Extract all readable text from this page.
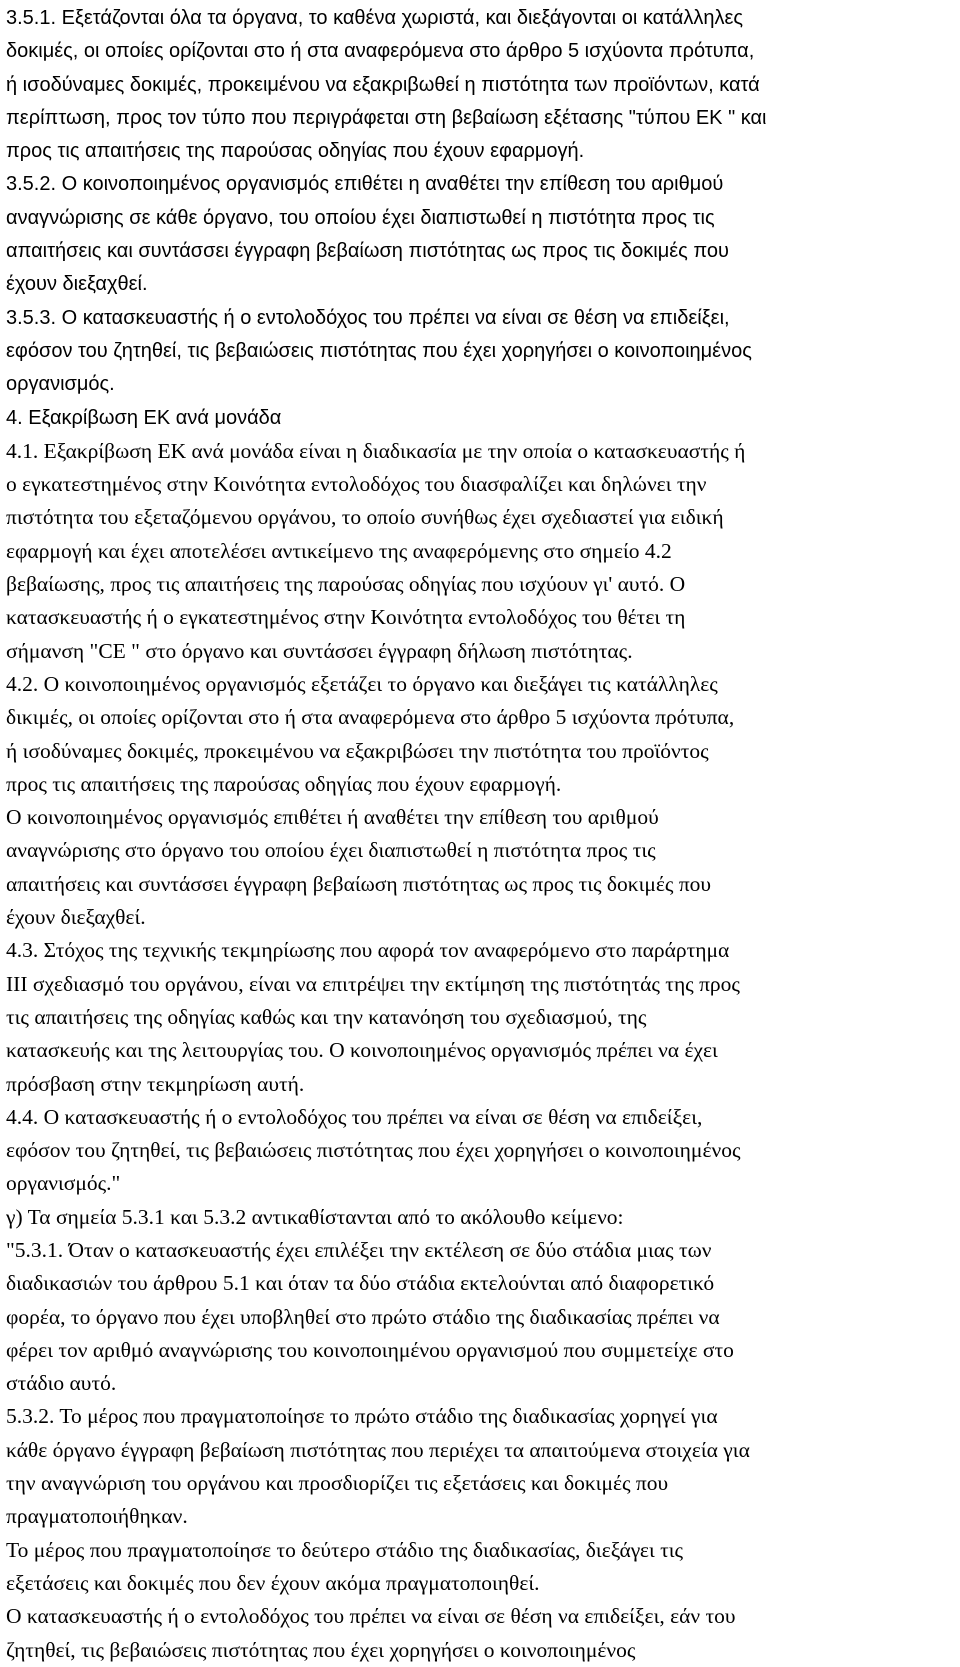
3.5.1. Εξετάζονται όλα τα όργανα, το καθένα χωριστά, και διεξάγονται οι κατάλληλες
δοκιμές, οι οποίες ορίζονται στο ή στα αναφερόμενα στο άρθρο 5 ισχύοντα πρότυπα,
ή ισοδύναμες δοκιμές, προκειμένου να εξακριβωθεί η πιστότητα των προϊόντων, κατά
περίπτωση, προς τον τύπο που περιγράφεται στη βεβαίωση εξέτασης "τύπου ΕΚ " και
προς τις απαιτήσεις της παρούσας οδηγίας που έχουν εφαρμογή.
3.5.2. Ο κοινοποιημένος οργανισμός επιθέτει η αναθέτει την επίθεση του αριθμού
αναγνώρισης σε κάθε όργανο, του οποίου έχει διαπιστωθεί η πιστότητα προς τις
απαιτήσεις και συντάσσει έγγραφη βεβαίωση πιστότητας ως προς τις δοκιμές που
έχουν διεξαχθεί.
3.5.3. Ο κατασκευαστής ή ο εντολοδόχος του πρέπει να είναι σε θέση να επιδείξει,
εφόσον του ζητηθεί, τις βεβαιώσεις πιστότητας που έχει χορηγήσει ο κοινοποιημένος
οργανισμός.
4. Εξακρίβωση ΕΚ ανά μονάδα
4.1. Εξακρίβωση ΕΚ ανά μονάδα είναι η διαδικασία με την οποία ο κατασκευαστής ή
ο εγκατεστημένος στην Κοινότητα εντολοδόχος του διασφαλίζει και δηλώνει την
πιστότητα του εξεταζόμενου οργάνου, το οποίο συνήθως έχει σχεδιαστεί για ειδική
εφαρμογή και έχει αποτελέσει αντικείμενο της αναφερόμενης στο σημείο 4.2
βεβαίωσης, προς τις απαιτήσεις της παρούσας οδηγίας που ισχύουν γι' αυτό. Ο
κατασκευαστής ή ο εγκατεστημένος στην Κοινότητα εντολοδόχος του θέτει τη
σήμανση "CE " στο όργανο και συντάσσει έγγραφη δήλωση πιστότητας.
4.2. Ο κοινοποιημένος οργανισμός εξετάζει το όργανο και διεξάγει τις κατάλληλες
δικιμές, οι οποίες ορίζονται στο ή στα αναφερόμενα στο άρθρο 5 ισχύοντα πρότυπα,
ή ισοδύναμες δοκιμές, προκειμένου να εξακριβώσει την πιστότητα του προϊόντος
προς τις απαιτήσεις της παρούσας οδηγίας που έχουν εφαρμογή.
Ο κοινοποιημένος οργανισμός επιθέτει ή αναθέτει την επίθεση του αριθμού
αναγνώρισης στο όργανο του οποίου έχει διαπιστωθεί η πιστότητα προς τις
απαιτήσεις και συντάσσει έγγραφη βεβαίωση πιστότητας ως προς τις δοκιμές που
έχουν διεξαχθεί.
4.3. Στόχος της τεχνικής τεκμηρίωσης που αφορά τον αναφερόμενο στο παράρτημα
ΙΙΙ σχεδιασμό του οργάνου, είναι να επιτρέψει την εκτίμηση της πιστότητάς της προς
τις απαιτήσεις της οδηγίας καθώς και την κατανόηση του σχεδιασμού, της
κατασκευής και της λειτουργίας του. Ο κοινοποιημένος οργανισμός πρέπει να έχει
πρόσβαση στην τεκμηρίωση αυτή.
4.4. Ο κατασκευαστής ή ο εντολοδόχος του πρέπει να είναι σε θέση να επιδείξει,
εφόσον του ζητηθεί, τις βεβαιώσεις πιστότητας που έχει χορηγήσει ο κοινοποιημένος
οργανισμός."
γ) Τα σημεία 5.3.1 και 5.3.2 αντικαθίστανται από το ακόλουθο κείμενο:
"5.3.1. Όταν ο κατασκευαστής έχει επιλέξει την εκτέλεση σε δύο στάδια μιας των
διαδικασιών του άρθρου 5.1 και όταν τα δύο στάδια εκτελούνται από διαφορετικό
φορέα, το όργανο που έχει υποβληθεί στο πρώτο στάδιο της διαδικασίας πρέπει να
φέρει τον αριθμό αναγνώρισης του κοινοποιημένου οργανισμού που συμμετείχε στο
στάδιο αυτό.
5.3.2. Το μέρος που πραγματοποίησε το πρώτο στάδιο της διαδικασίας χορηγεί για
κάθε όργανο έγγραφη βεβαίωση πιστότητας που περιέχει τα απαιτούμενα στοιχεία για
την αναγνώριση του οργάνου και προσδιορίζει τις εξετάσεις και δοκιμές που
πραγματοποιήθηκαν.
Το μέρος που πραγματοποίησε το δεύτερο στάδιο της διαδικασίας, διεξάγει τις
εξετάσεις και δοκιμές που δεν έχουν ακόμα πραγματοποιηθεί.
Ο κατασκευαστής ή ο εντολοδόχος του πρέπει να είναι σε θέση να επιδείξει, εάν του
ζητηθεί, τις βεβαιώσεις πιστότητας που έχει χορηγήσει ο κοινοποιημένος
